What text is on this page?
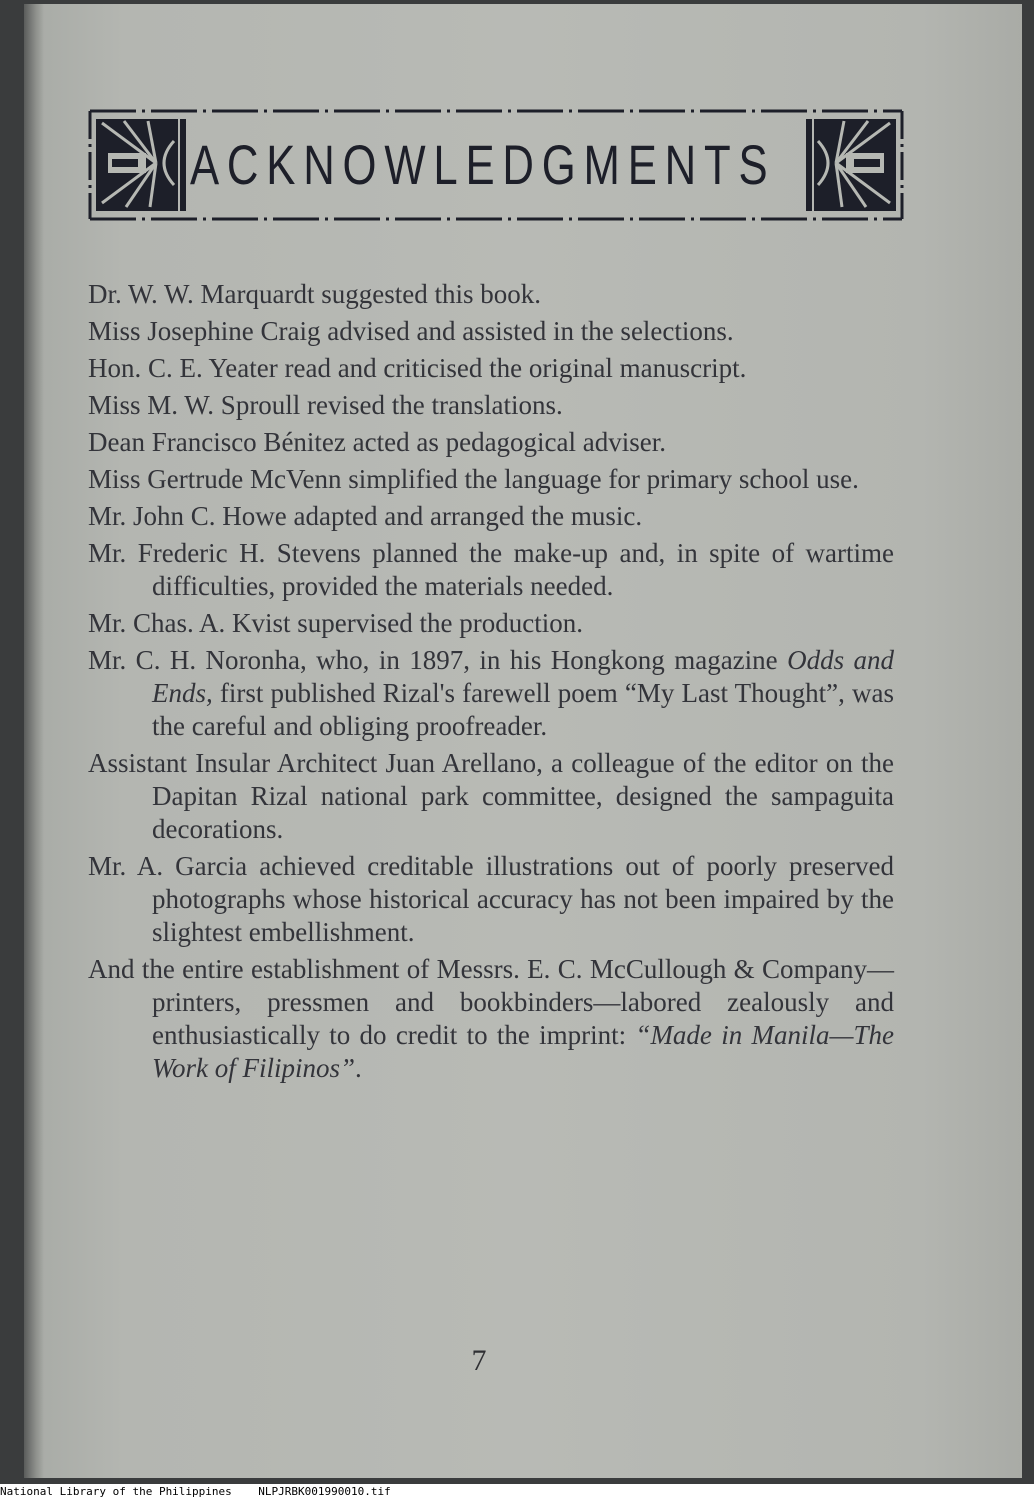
ACKNOWLEDGMENTS
Dr. W. W. Marquardt suggested this book.
Miss Josephine Craig advised and assisted in the selections.
Hon. C. E. Yeater read and criticised the original manuscript.
Miss M. W. Sproull revised the translations.
Dean Francisco Bénitez acted as pedagogical adviser.
Miss Gertrude McVenn simplified the language for primary school use.
Mr. John C. Howe adapted and arranged the music.
Mr. Frederic H. Stevens planned the make-up and, in spite of wartime difficulties, provided the materials needed.
Mr. Chas. A. Kvist supervised the production.
Mr. C. H. Noronha, who, in 1897, in his Hongkong magazine Odds and Ends, first published Rizal's farewell poem “My Last Thought”, was the careful and obliging proofreader.
Assistant Insular Architect Juan Arellano, a colleague of the editor on the Dapitan Rizal national park committee, designed the sampaguita decorations.
Mr. A. Garcia achieved creditable illustrations out of poorly preserved photographs whose historical accuracy has not been impaired by the slightest embellishment.
And the entire establishment of Messrs. E. C. McCullough & Company—printers, pressmen and bookbinders—labored zealously and enthusiastically to do credit to the imprint: “Made in Manila—The Work of Filipinos”.
7
National Library of the Philippines NLPJRBK001990010.tif
